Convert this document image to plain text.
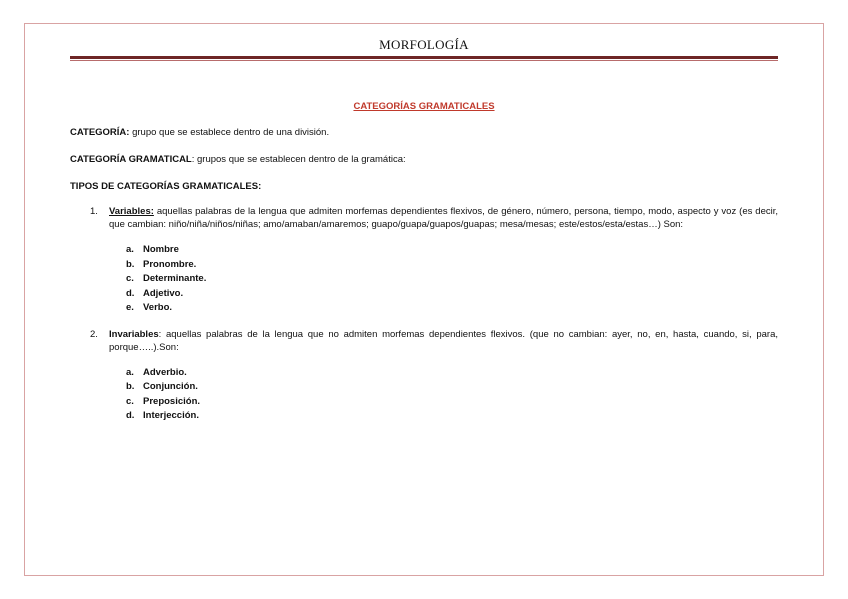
MORFOLOGÍA

CATEGORÍAS GRAMATICALES

CATEGORÍA: grupo que se establece dentro de una división.

CATEGORÍA GRAMATICAL: grupos que se establecen dentro de la gramática:

TIPOS DE CATEGORÍAS GRAMATICALES:

1. Variables: aquellas palabras de la lengua que admiten morfemas dependientes flexivos, de género, número, persona, tiempo, modo, aspecto y voz (es decir, que cambian: niño/niña/niños/niñas; amo/amaban/amaremos; guapo/guapa/guapos/guapas; mesa/mesas; este/estos/esta/estas…) Son:
a. Nombre
b. Pronombre.
c. Determinante.
d. Adjetivo.
e. Verbo.
2. Invariables: aquellas palabras de la lengua que no admiten morfemas dependientes flexivos. (que no cambian: ayer, no, en, hasta, cuando, si, para, porque…..).Son:
a. Adverbio.
b. Conjunción.
c. Preposición.
d. Interjección.
